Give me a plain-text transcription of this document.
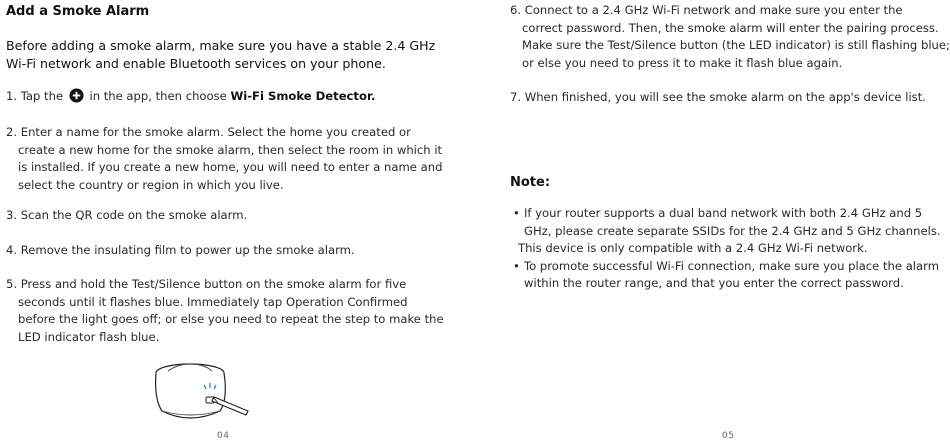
Add a Smoke Alarm
Before adding a smoke alarm, make sure you have a stable 2.4 GHz Wi-Fi network and enable Bluetooth services on your phone.
1. Tap the in the app, then choose Wi-Fi Smoke Detector.
2. Enter a name for the smoke alarm. Select the home you created or
create a new home for the smoke alarm, then select the room in which it is installed. If you create a new home, you will need to enter a name and select the country or region in which you live.
3. Scan the QR code on the smoke alarm.
4. Remove the insulating film to power up the smoke alarm.
5. Press and hold the Test/Silence button on the smoke alarm for five
seconds until it flashes blue. Immediately tap Operation Confirmed before the light goes off; or else you need to repeat the step to make the LED indicator flash blue.
04
6. Connect to a 2.4 GHz Wi-Fi network and make sure you enter the
correct password. Then, the smoke alarm will enter the pairing process. Make sure the Test/Silence button (the LED indicator) is still flashing blue; or else you need to press it to make it flash blue again.
7. When finished, you will see the smoke alarm on the app's device list.
Note:
• If your router supports a dual band network with both 2.4 GHz and 5 GHz, please create separate SSIDs for the 2.4 GHz and 5 GHz channels.
This device is only compatible with a 2.4 GHz Wi-Fi network.
• To promote successful Wi-Fi connection, make sure you place the alarm within the router range, and that you enter the correct password.
05
